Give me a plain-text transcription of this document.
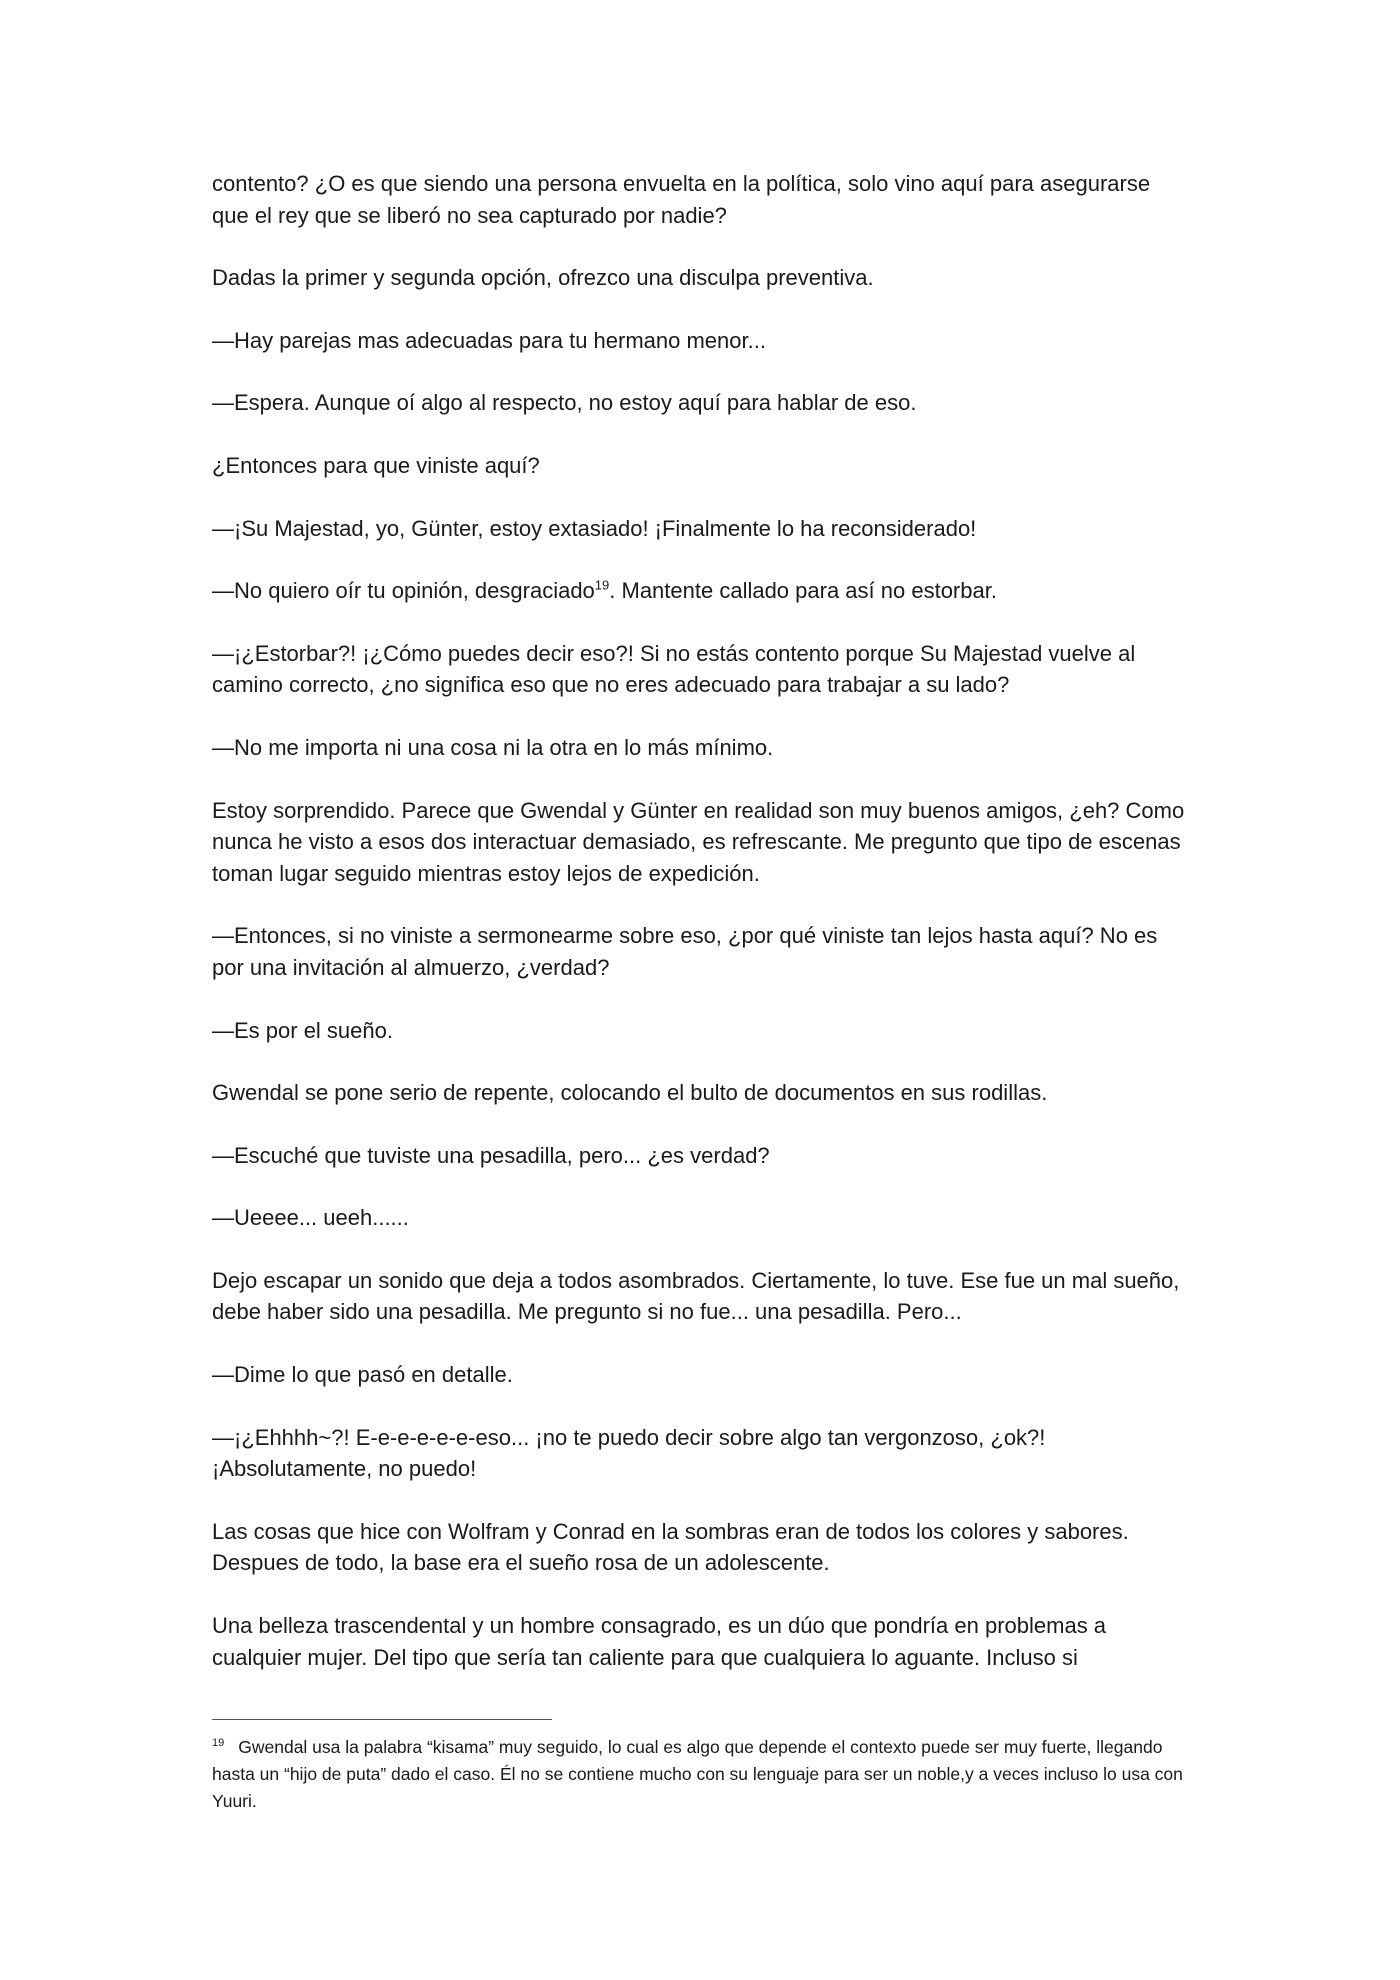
contento? ¿O es que siendo una persona envuelta en la política, solo vino aquí para asegurarse que el rey que se liberó no sea capturado por nadie?

Dadas la primer y segunda opción, ofrezco una disculpa preventiva.

—Hay parejas mas adecuadas para tu hermano menor...

—Espera. Aunque oí algo al respecto, no estoy aquí para hablar de eso.

¿Entonces para que viniste aquí?

—¡Su Majestad, yo, Günter, estoy extasiado! ¡Finalmente lo ha reconsiderado!

—No quiero oír tu opinión, desgraciado$^{19}$. Mantente callado para así no estorbar.

—¡¿Estorbar?! ¡¿Cómo puedes decir eso?! Si no estás contento porque Su Majestad vuelve al camino correcto, ¿no significa eso que no eres adecuado para trabajar a su lado?

—No me importa ni una cosa ni la otra en lo más mínimo.

Estoy sorprendido. Parece que Gwendal y Günter en realidad son muy buenos amigos, ¿eh? Como nunca he visto a esos dos interactuar demasiado, es refrescante. Me pregunto que tipo de escenas toman lugar seguido mientras estoy lejos de expedición.

—Entonces, si no viniste a sermonearme sobre eso, ¿por qué viniste tan lejos hasta aquí? No es por una invitación al almuerzo, ¿verdad?

—Es por el sueño.

Gwendal se pone serio de repente, colocando el bulto de documentos en sus rodillas.

—Escuché que tuviste una pesadilla, pero... ¿es verdad?

—Ueeee... ueeh......

Dejo escapar un sonido que deja a todos asombrados. Ciertamente, lo tuve. Ese fue un mal sueño, debe haber sido una pesadilla. Me pregunto si no fue... una pesadilla. Pero...

—Dime lo que pasó en detalle.

—¡¿Ehhhh~?! E-e-e-e-e-e-eso... ¡no te puedo decir sobre algo tan vergonzoso, ¿ok?! ¡Absolutamente, no puedo!

Las cosas que hice con Wolfram y Conrad en la sombras eran de todos los colores y sabores. Despues de todo, la base era el sueño rosa de un adolescente.

Una belleza trascendental y un hombre consagrado, es un dúo que pondría en problemas a cualquier mujer. Del tipo que sería tan caliente para que cualquiera lo aguante. Incluso si

$^{19}$ Gwendal usa la palabra “kisama” muy seguido, lo cual es algo que depende el contexto puede ser muy fuerte, llegando hasta un “hijo de puta” dado el caso. Él no se contiene mucho con su lenguaje para ser un noble,y a veces incluso lo usa con Yuuri.
